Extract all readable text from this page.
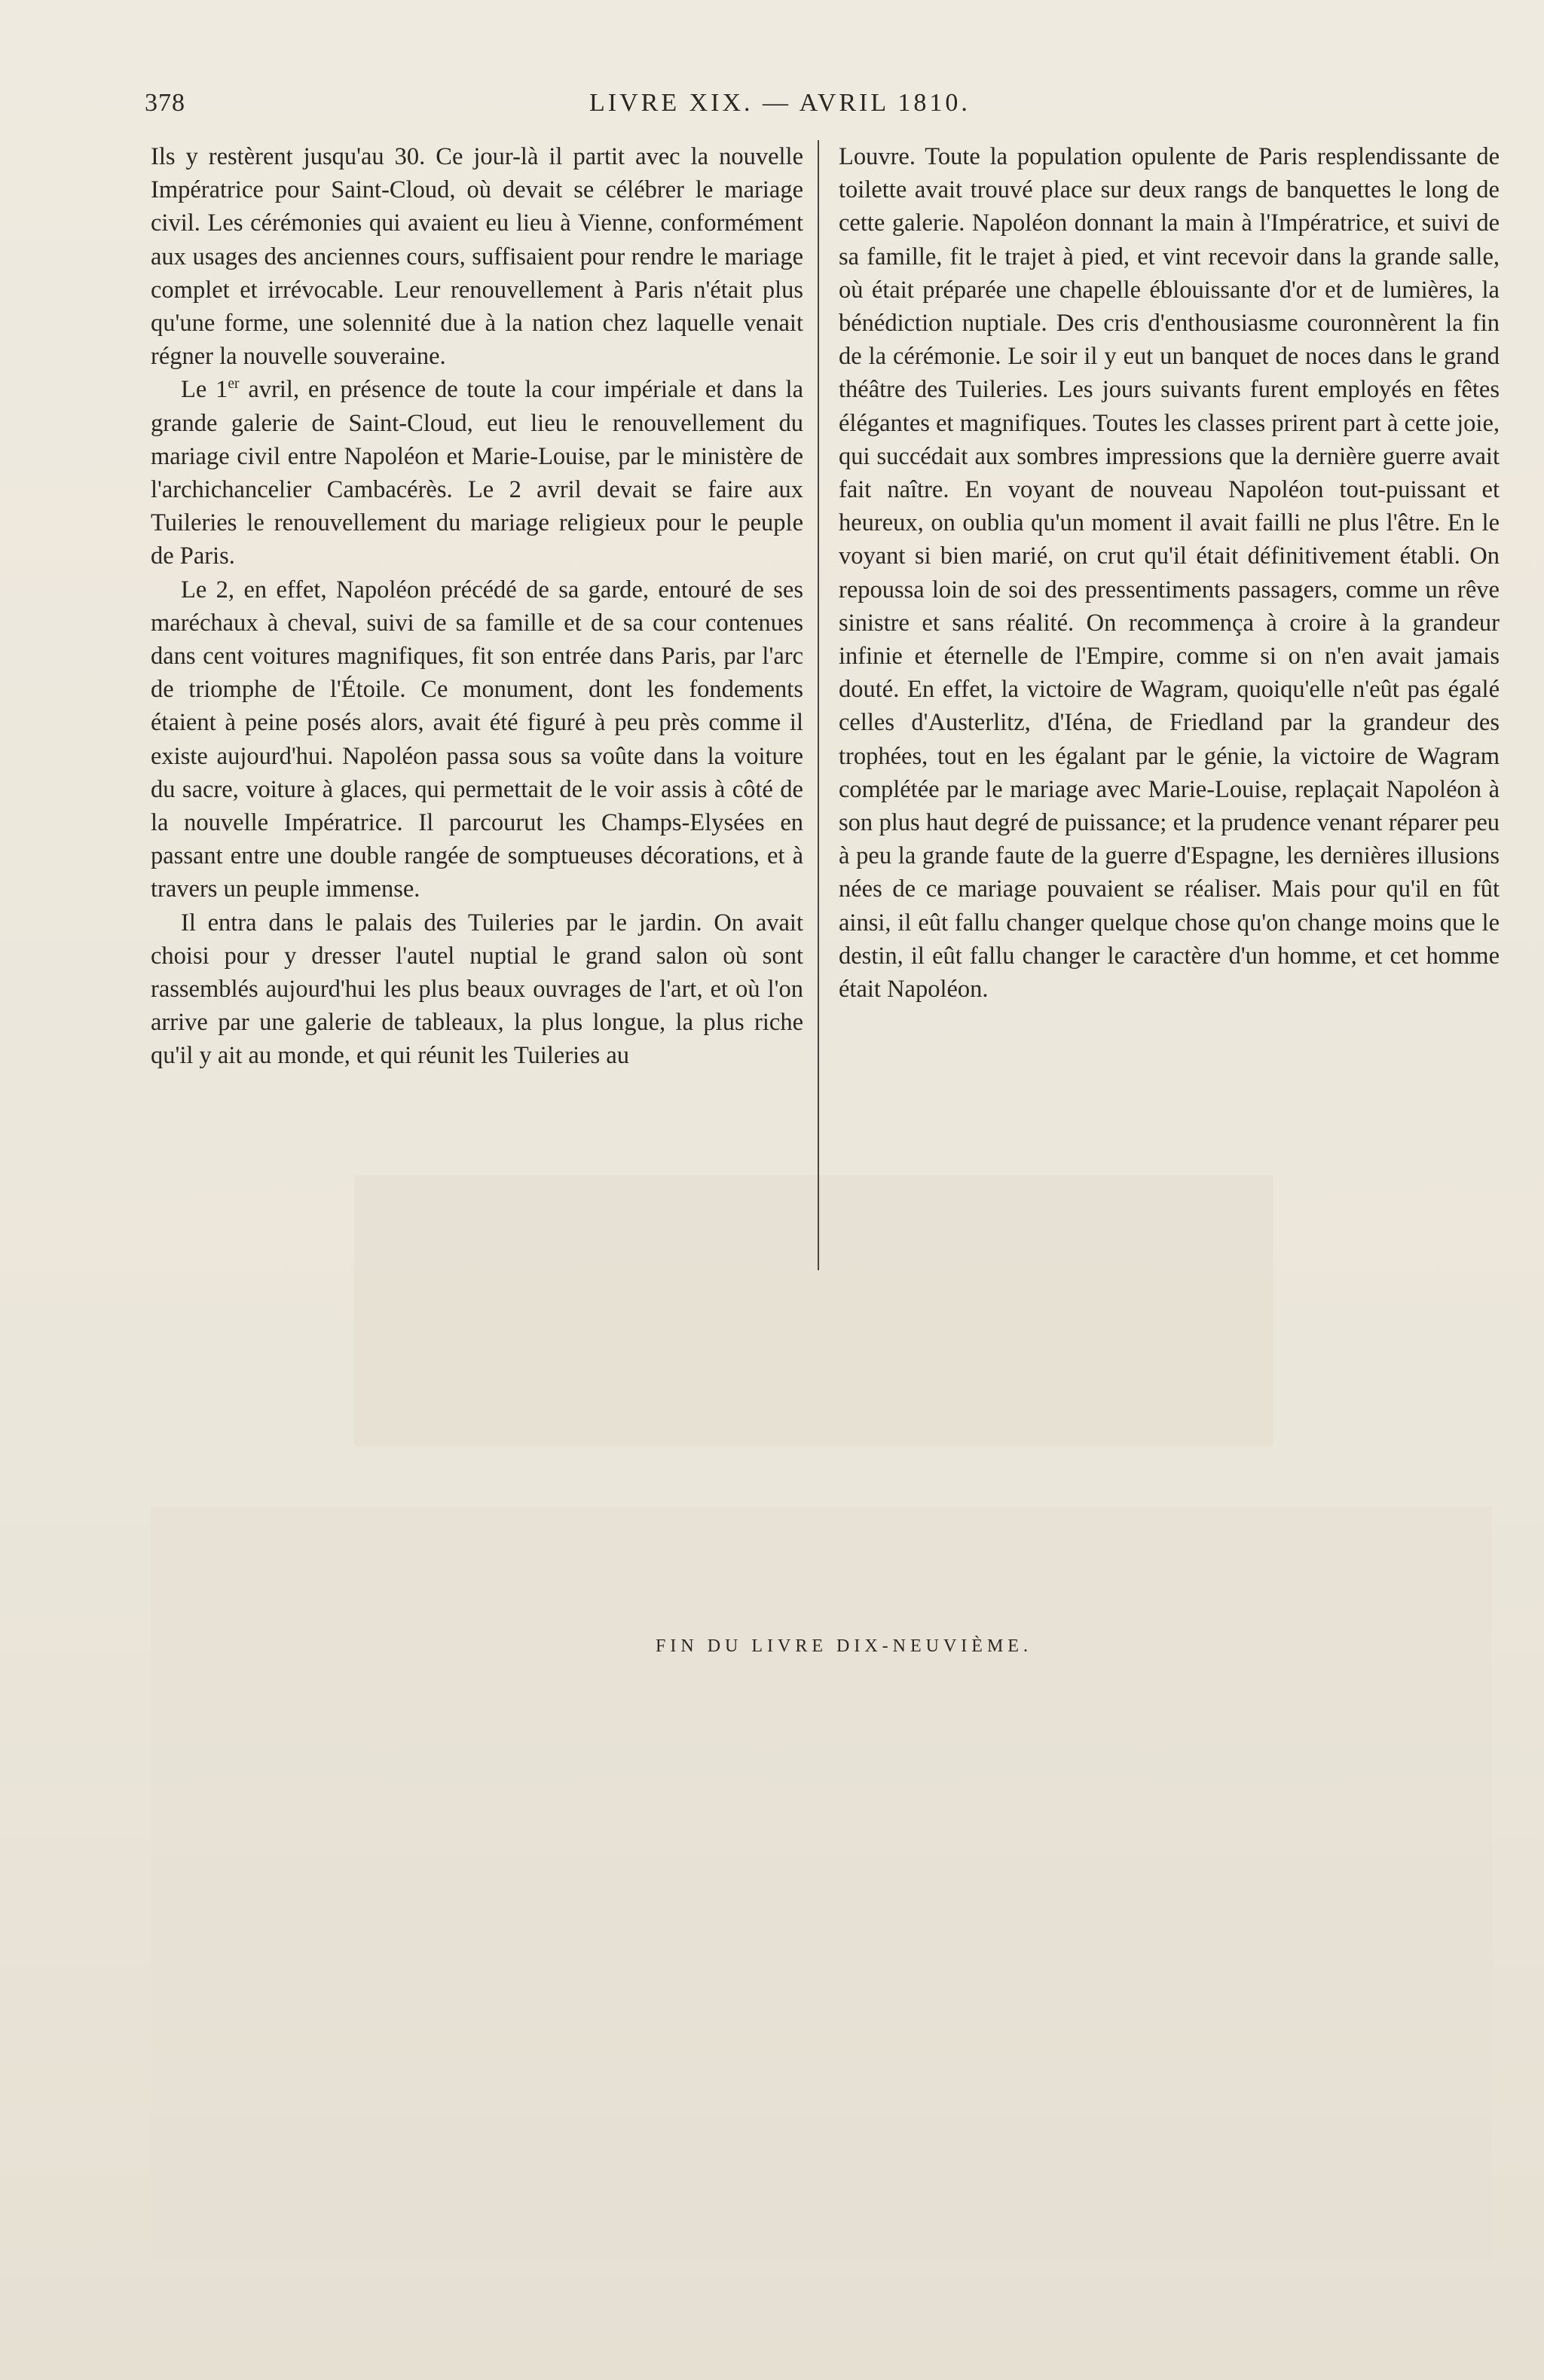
378	LIVRE XIX. — AVRIL 1810.

Ils y restèrent jusqu'au 30. Ce jour-là il partit avec la nouvelle Impératrice pour Saint-Cloud, où devait se célébrer le mariage civil. Les cérémonies qui avaient eu lieu à Vienne, conformément aux usages des anciennes cours, suffisaient pour rendre le mariage complet et irrévocable. Leur renouvellement à Paris n'était plus qu'une forme, une solennité due à la nation chez laquelle venait régner la nouvelle souveraine.

Le 1er avril, en présence de toute la cour impériale et dans la grande galerie de Saint-Cloud, eut lieu le renouvellement du mariage civil entre Napoléon et Marie-Louise, par le ministère de l'archichancelier Cambacérès. Le 2 avril devait se faire aux Tuileries le renouvellement du mariage religieux pour le peuple de Paris.

Le 2, en effet, Napoléon précédé de sa garde, entouré de ses maréchaux à cheval, suivi de sa famille et de sa cour contenues dans cent voitures magnifiques, fit son entrée dans Paris, par l'arc de triomphe de l'Étoile. Ce monument, dont les fondements étaient à peine posés alors, avait été figuré à peu près comme il existe aujourd'hui. Napoléon passa sous sa voûte dans la voiture du sacre, voiture à glaces, qui permettait de le voir assis à côté de la nouvelle Impératrice. Il parcourut les Champs-Elysées en passant entre une double rangée de somptueuses décorations, et à travers un peuple immense.

Il entra dans le palais des Tuileries par le jardin. On avait choisi pour y dresser l'autel nuptial le grand salon où sont rassemblés aujourd'hui les plus beaux ouvrages de l'art, et où l'on arrive par une galerie de tableaux, la plus longue, la plus riche qu'il y ait au monde, et qui réunit les Tuileries au

Louvre. Toute la population opulente de Paris resplendissante de toilette avait trouvé place sur deux rangs de banquettes le long de cette galerie. Napoléon donnant la main à l'Impératrice, et suivi de sa famille, fit le trajet à pied, et vint recevoir dans la grande salle, où était préparée une chapelle éblouissante d'or et de lumières, la bénédiction nuptiale. Des cris d'enthousiasme couronnèrent la fin de la cérémonie. Le soir il y eut un banquet de noces dans le grand théâtre des Tuileries. Les jours suivants furent employés en fêtes élégantes et magnifiques. Toutes les classes prirent part à cette joie, qui succédait aux sombres impressions que la dernière guerre avait fait naître. En voyant de nouveau Napoléon tout-puissant et heureux, on oublia qu'un moment il avait failli ne plus l'être. En le voyant si bien marié, on crut qu'il était définitivement établi. On repoussa loin de soi des pressentiments passagers, comme un rêve sinistre et sans réalité. On recommença à croire à la grandeur infinie et éternelle de l'Empire, comme si on n'en avait jamais douté. En effet, la victoire de Wagram, quoiqu'elle n'eût pas égalé celles d'Austerlitz, d'Iéna, de Friedland par la grandeur des trophées, tout en les égalant par le génie, la victoire de Wagram complétée par le mariage avec Marie-Louise, replaçait Napoléon à son plus haut degré de puissance; et la prudence venant réparer peu à peu la grande faute de la guerre d'Espagne, les dernières illusions nées de ce mariage pouvaient se réaliser. Mais pour qu'il en fût ainsi, il eût fallu changer quelque chose qu'on change moins que le destin, il eût fallu changer le caractère d'un homme, et cet homme était Napoléon.

FIN DU LIVRE DIX-NEUVIÈME.
